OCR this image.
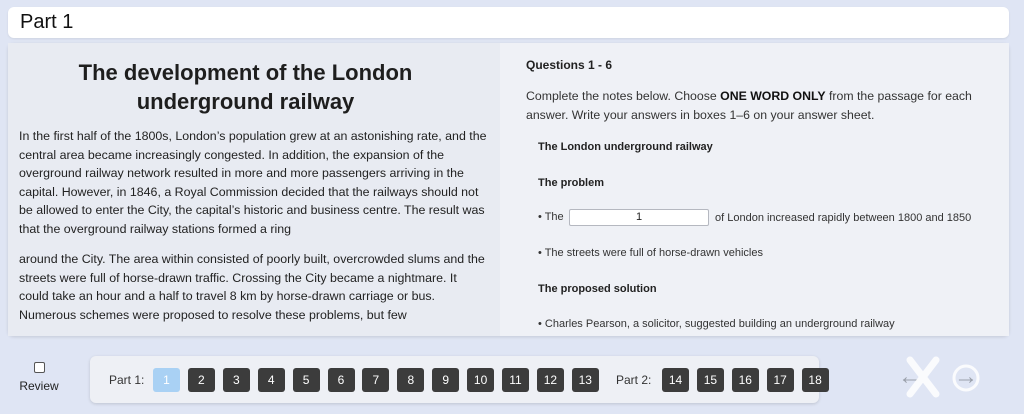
Part 1
The development of the London underground railway

In the first half of the 1800s, London’s population grew at an astonishing rate, and the central area became increasingly congested. In addition, the expansion of the overground railway network resulted in more and more passengers arriving in the capital. However, in 1846, a Royal Commission decided that the railways should not be allowed to enter the City, the capital’s historic and business centre. The result was that the overground railway stations formed a ring

around the City. The area within consisted of poorly built, overcrowded slums and the streets were full of horse-drawn traffic. Crossing the City became a nightmare. It could take an hour and a half to travel 8 km by horse-drawn carriage or bus. Numerous schemes were proposed to resolve these problems, but few

Questions 1 - 6
Complete the notes below. Choose ONE WORD ONLY from the passage for each answer. Write your answers in boxes 1–6 on your answer sheet.
The London underground railway
The problem
• The	1	of London increased rapidly between 1800 and 1850
• The streets were full of horse-drawn vehicles
The proposed solution
• Charles Pearson, a solicitor, suggested building an underground railway
Review	Part 1:	1	2	3	4	5	6	7	8	9	10	11	12	13	Part 2:	14	15	16	17	18	← →
